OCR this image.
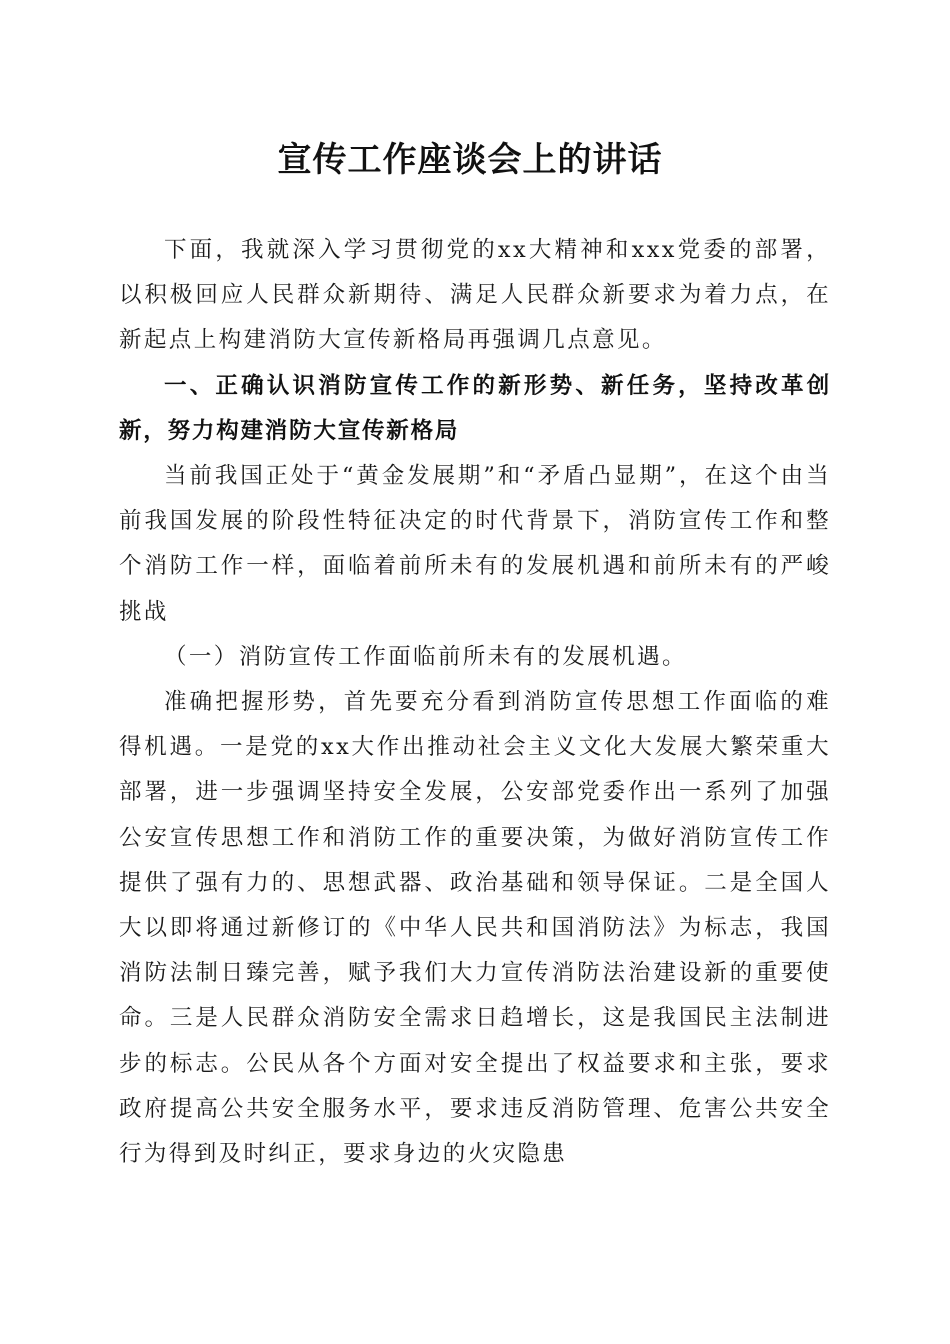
宣传工作座谈会上的讲话

下面，我就深入学习贯彻党的xx大精神和xxx党委的部署，以积极回应人民群众新期待、满足人民群众新要求为着力点，在新起点上构建消防大宣传新格局再强调几点意见。

一、正确认识消防宣传工作的新形势、新任务，坚持改革创新，努力构建消防大宣传新格局

当前我国正处于“黄金发展期”和“矛盾凸显期”，在这个由当前我国发展的阶段性特征决定的时代背景下，消防宣传工作和整个消防工作一样，面临着前所未有的发展机遇和前所未有的严峻挑战

（一）消防宣传工作面临前所未有的发展机遇。

准确把握形势，首先要充分看到消防宣传思想工作面临的难得机遇。一是党的xx大作出推动社会主义文化大发展大繁荣重大部署，进一步强调坚持安全发展，公安部党委作出一系列了加强公安宣传思想工作和消防工作的重要决策，为做好消防宣传工作提供了强有力的、思想武器、政治基础和领导保证。二是全国人大以即将通过新修订的《中华人民共和国消防法》为标志，我国消防法制日臻完善，赋予我们大力宣传消防法治建设新的重要使命。三是人民群众消防安全需求日趋增长，这是我国民主法制进步的标志。公民从各个方面对安全提出了权益要求和主张，要求政府提高公共安全服务水平，要求违反消防管理、危害公共安全行为得到及时纠正，要求身边的火灾隐患
